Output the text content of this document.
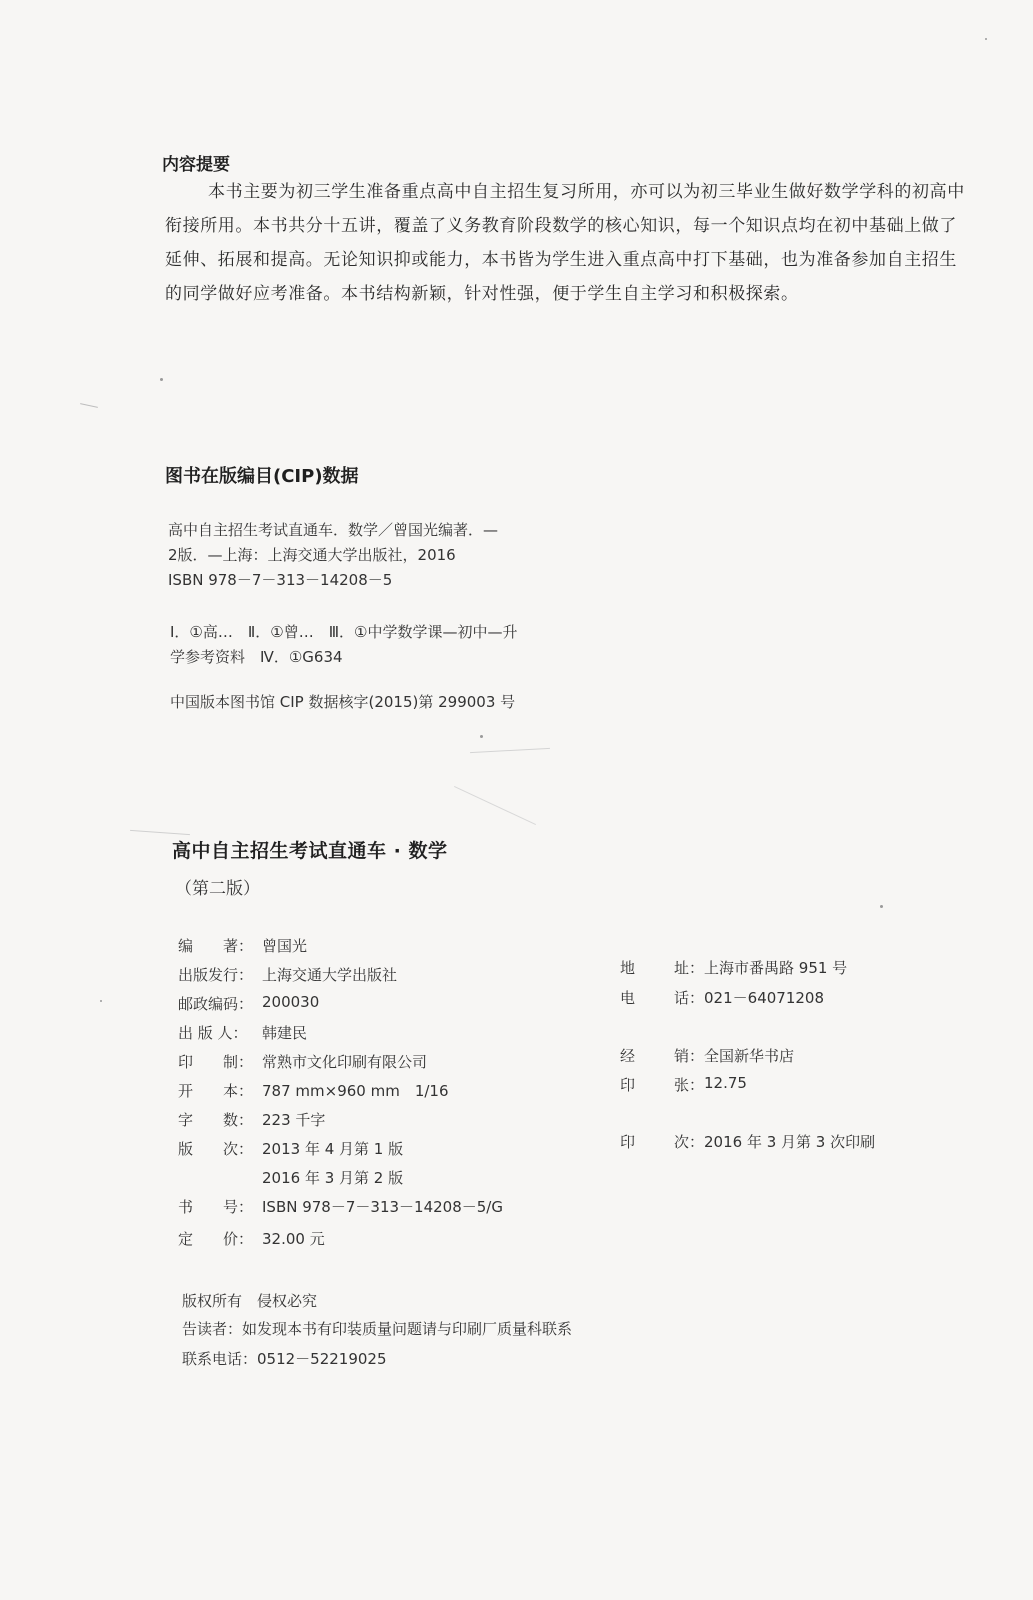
内容提要
本书主要为初三学生准备重点高中自主招生复习所用，亦可以为初三毕业生做好数学学科的初高中衔接所用。本书共分十五讲，覆盖了义务教育阶段数学的核心知识，每一个知识点均在初中基础上做了延伸、拓展和提高。无论知识抑或能力，本书皆为学生进入重点高中打下基础，也为准备参加自主招生的同学做好应考准备。本书结构新颖，针对性强，便于学生自主学习和积极探索。
图书在版编目(CIP)数据
高中自主招生考试直通车．数学／曾国光编著．—
2版．—上海：上海交通大学出版社，2016
ISBN 978－7－313－14208－5
Ⅰ．①高…　Ⅱ．①曾…　Ⅲ．①中学数学课—初中—升
学参考资料　Ⅳ．①G634
中国版本图书馆 CIP 数据核字(2015)第 299003 号
高中自主招生考试直通车 · 数学
（第二版）
编　　著： 曾国光
出版发行： 上海交通大学出版社
邮政编码： 200030
出 版 人： 韩建民
印　　制： 常熟市文化印刷有限公司
开　　本： 787 mm×960 mm　1/16
字　　数： 223 千字
版　　次： 2013 年 4 月第 1 版
2016 年 3 月第 2 版
书　　号： ISBN 978－7－313－14208－5/G
定　　价： 32.00 元
地	址： 上海市番禺路 951 号
电	话： 021－64071208
经	销： 全国新华书店
印	张： 12.75
印	次： 2016 年 3 月第 3 次印刷
版权所有　侵权必究
告读者：如发现本书有印装质量问题请与印刷厂质量科联系
联系电话：0512－52219025
